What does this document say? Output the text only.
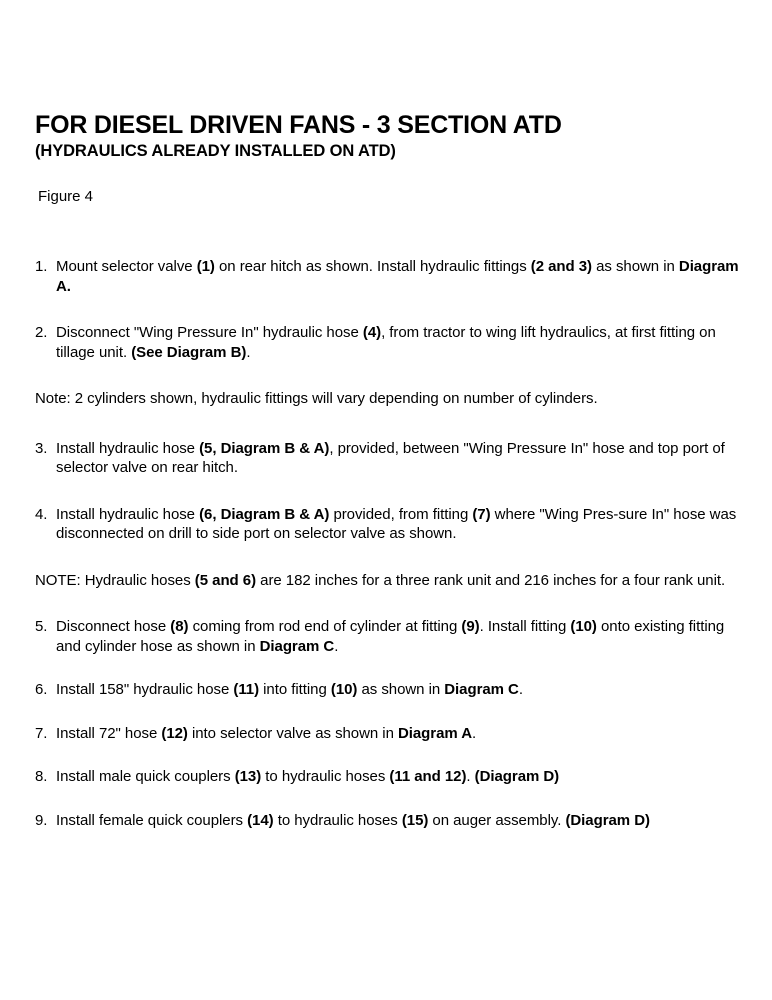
FOR DIESEL DRIVEN FANS - 3 SECTION ATD
(HYDRAULICS ALREADY INSTALLED ON ATD)

Figure 4

1. Mount selector valve (1) on rear hitch as shown. Install hydraulic fittings (2 and 3) as shown in Diagram A.

2. Disconnect "Wing Pressure In" hydraulic hose (4), from tractor to wing lift hydraulics, at first fitting on tillage unit. (See Diagram B).

Note: 2 cylinders shown, hydraulic fittings will vary depending on number of cylinders.

3. Install hydraulic hose (5, Diagram B & A), provided, between "Wing Pressure In" hose and top port of selector valve on rear hitch.

4. Install hydraulic hose (6, Diagram B & A) provided, from fitting (7) where "Wing Pres-sure In" hose was disconnected on drill to side port on selector valve as shown.

NOTE: Hydraulic hoses (5 and 6) are 182 inches for a three rank unit and 216 inches for a four rank unit.

5. Disconnect hose (8) coming from rod end of cylinder at fitting (9). Install fitting (10) onto existing fitting and cylinder hose as shown in Diagram C.

6. Install 158" hydraulic hose (11) into fitting (10) as shown in Diagram C.

7. Install 72" hose (12) into selector valve as shown in Diagram A.

8. Install male quick couplers (13) to hydraulic hoses (11 and 12). (Diagram D)

9. Install female quick couplers (14) to hydraulic hoses (15) on auger assembly. (Diagram D)
